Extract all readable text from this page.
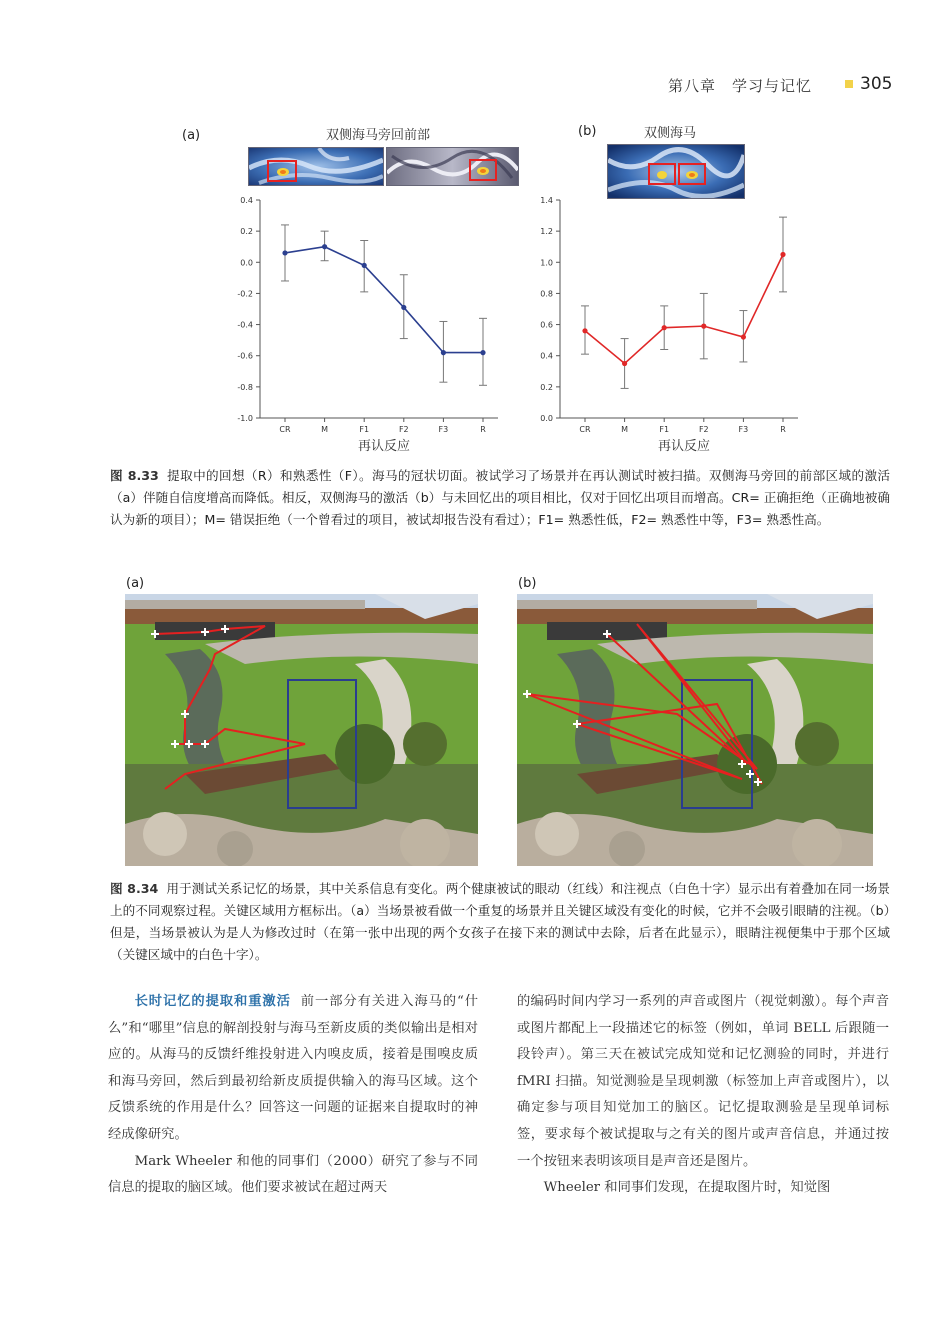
第八章　学习与记忆	305
(a)	双侧海马旁回前部	(b)	双侧海马
-1.0
-0.8
-0.6
-0.4
-0.2
0.0
0.2
0.4
CR	M	F1	F2	F3	R
再认反应
0.0
0.2
0.4
0.6
0.8
1.0
1.2
1.4
CR	M	F1	F2	F3	R
再认反应
图 8.33 提取中的回想（R）和熟悉性（F）。海马的冠状切面。被试学习了场景并在再认测试时被扫描。双侧海马旁回的前部区域的激活（a）伴随自信度增高而降低。相反，双侧海马的激活（b）与未回忆出的项目相比，仅对于回忆出项目而增高。CR= 正确拒绝（正确地被确认为新的项目）；M= 错误拒绝（一个曾看过的项目，被试却报告没有看过）；F1= 熟悉性低，F2= 熟悉性中等，F3= 熟悉性高。
(a)	(b)
图 8.34 用于测试关系记忆的场景，其中关系信息有变化。两个健康被试的眼动（红线）和注视点（白色十字）显示出有着叠加在同一场景上的不同观察过程。关键区域用方框标出。（a）当场景被看做一个重复的场景并且关键区域没有变化的时候，它并不会吸引眼睛的注视。（b）但是，当场景被认为是人为修改过时（在第一张中出现的两个女孩子在接下来的测试中去除，后者在此显示），眼睛注视便集中于那个区域（关键区域中的白色十字）。

长时记忆的提取和重激活 前一部分有关进入海马的“什么”和“哪里”信息的解剖投射与海马至新皮质的类似输出是相对应的。从海马的反馈纤维投射进入内嗅皮质，接着是围嗅皮质和海马旁回，然后到最初给新皮质提供输入的海马区域。这个反馈系统的作用是什么？回答这一问题的证据来自提取时的神经成像研究。

Mark Wheeler 和他的同事们（2000）研究了参与不同信息的提取的脑区域。他们要求被试在超过两天

的编码时间内学习一系列的声音或图片（视觉刺激）。每个声音或图片都配上一段描述它的标签（例如，单词 BELL 后跟随一段铃声）。第三天在被试完成知觉和记忆测验的同时，并进行 fMRI 扫描。知觉测验是呈现刺激（标签加上声音或图片），以确定参与项目知觉加工的脑区。记忆提取测验是呈现单词标签，要求每个被试提取与之有关的图片或声音信息，并通过按一个按钮来表明该项目是声音还是图片。

Wheeler 和同事们发现，在提取图片时，知觉图
